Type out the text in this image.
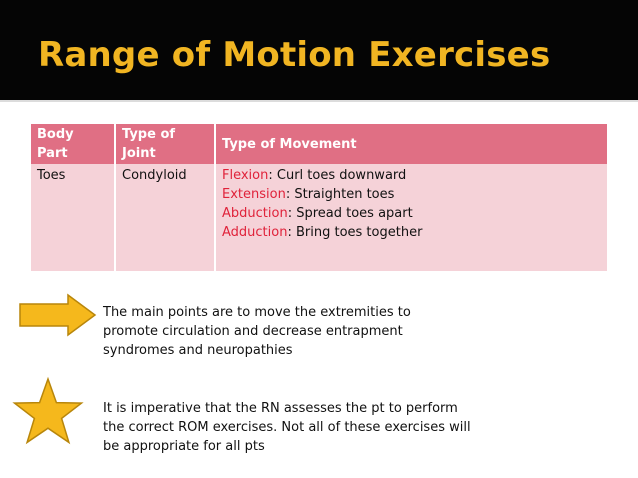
Range of Motion Exercises
Body Part	Type of Joint	Type of Movement
Toes	Condyloid	Flexion: Curl toes downward
Extension: Straighten toes
Abduction: Spread toes apart
Adduction: Bring toes together

The main points are to move the extremities to promote circulation and decrease entrapment syndromes and neuropathies

It is imperative that the RN assesses the pt to perform the correct ROM exercises. Not all of these exercises will be appropriate for all pts
